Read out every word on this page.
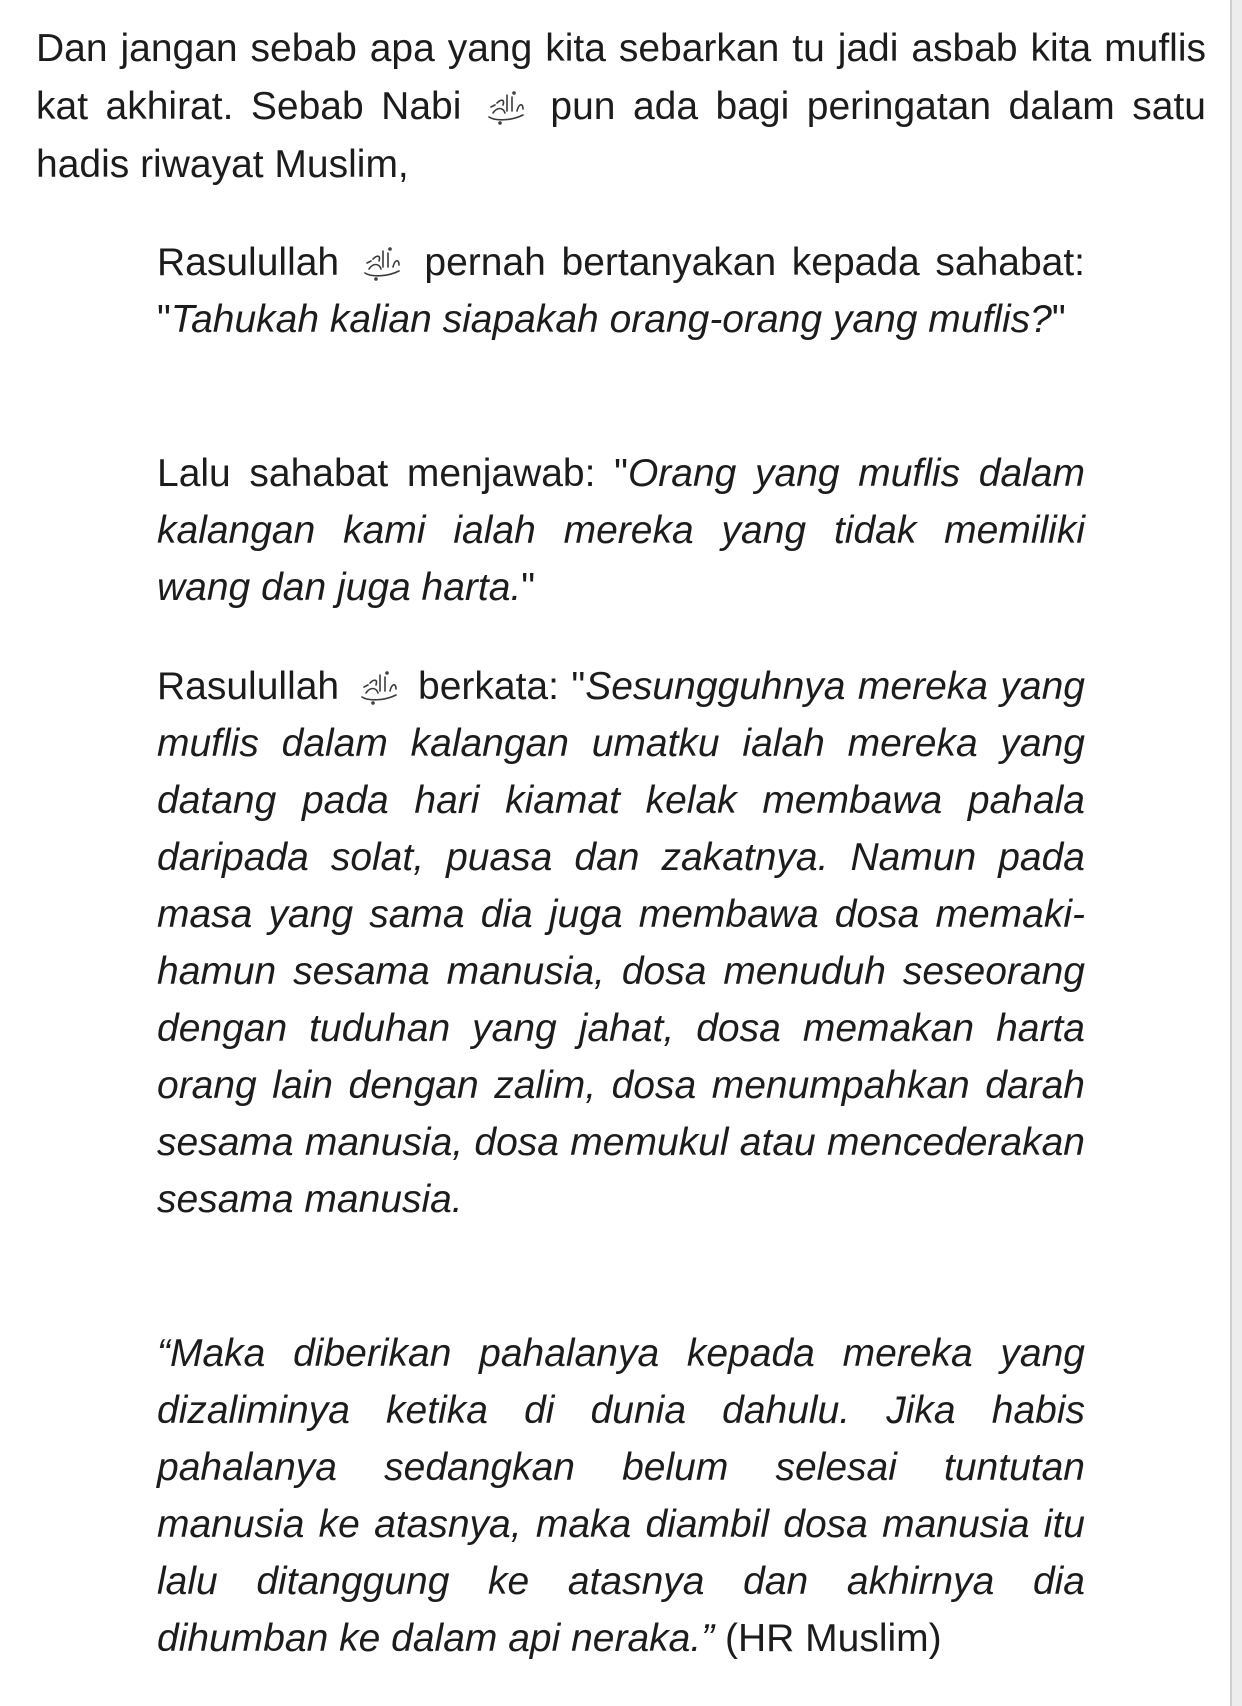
Dan jangan sebab apa yang kita sebarkan tu jadi asbab kita muflis kat akhirat. Sebab Nabi pun ada bagi peringatan dalam satu hadis riwayat Muslim,

Rasulullah pernah bertanyakan kepada sahabat: "Tahukah kalian siapakah orang-orang yang muflis?"

Lalu sahabat menjawab: "Orang yang muflis dalam kalangan kami ialah mereka yang tidak memiliki wang dan juga harta."

Rasulullah berkata: "Sesungguhnya mereka yang muflis dalam kalangan umatku ialah mereka yang datang pada hari kiamat kelak membawa pahala daripada solat, puasa dan zakatnya. Namun pada masa yang sama dia juga membawa dosa memaki-hamun sesama manusia, dosa menuduh seseorang dengan tuduhan yang jahat, dosa memakan harta orang lain dengan zalim, dosa menumpahkan darah sesama manusia, dosa memukul atau mencederakan sesama manusia.

“Maka diberikan pahalanya kepada mereka yang dizaliminya ketika di dunia dahulu. Jika habis pahalanya sedangkan belum selesai tuntutan manusia ke atasnya, maka diambil dosa manusia itu lalu ditanggung ke atasnya dan akhirnya dia dihumban ke dalam api neraka.” (HR Muslim)
